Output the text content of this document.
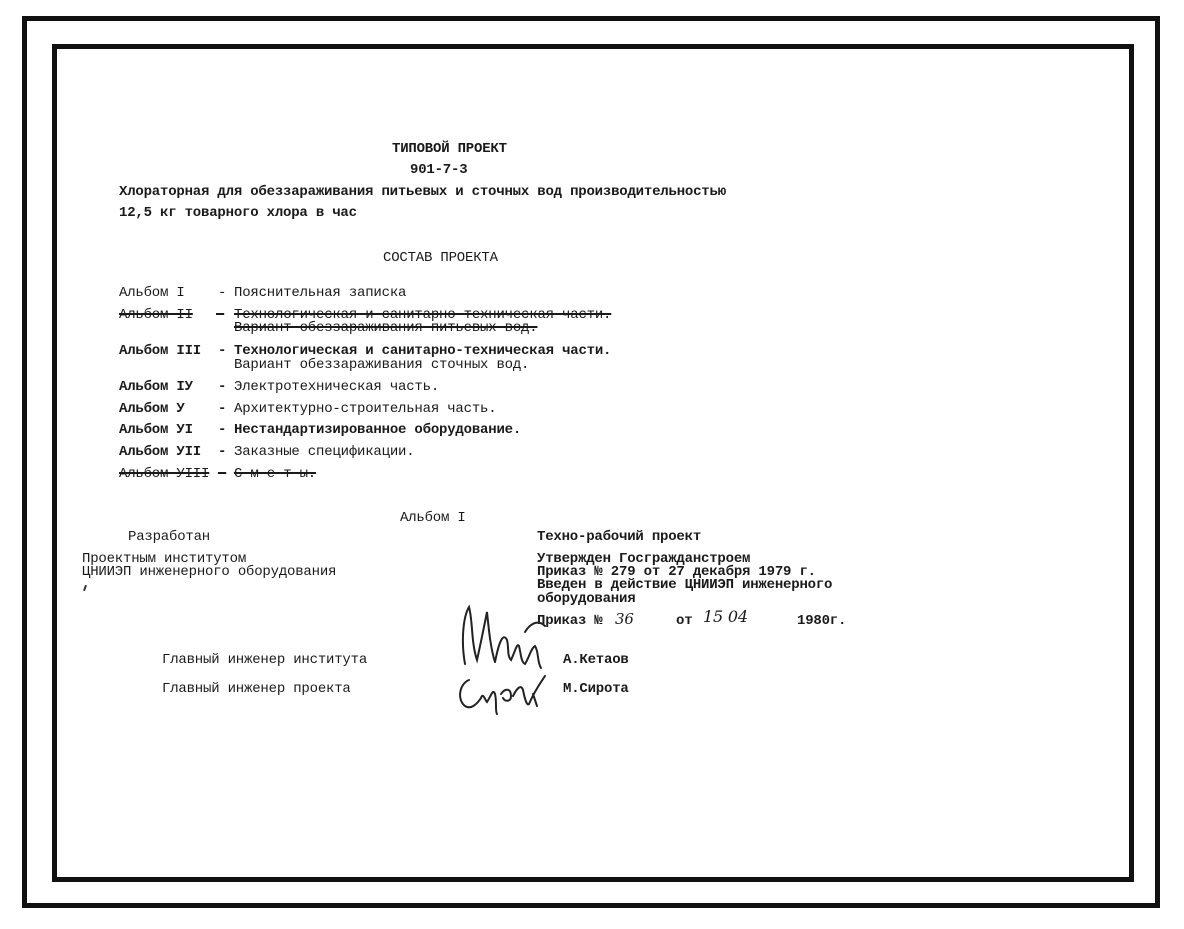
ТИПОВОЙ ПРОЕКТ
901-7-3
Хлораторная для обеззараживания питьевых и сточных вод производительностью
12,5 кг товарного хлора в час
СОСТАВ ПРОЕКТА
Альбом I - Пояснительная записка
Альбом II - Технологическая и санитарно-техническая части.
Вариант обеззараживания питьевых вод.
Альбом III - Технологическая и санитарно-техническая части.
Вариант обеззараживания сточных вод.
Альбом IУ - Электротехническая часть.
Альбом У - Архитектурно-строительная часть.
Альбом УI - Нестандартизированное оборудование.
Альбом УII - Заказные спецификации.
Альбом УIII - С м е т ы.
Альбом I
Разработан
Проектным институтом
ЦНИИЭП инженерного оборудования
Техно-рабочий проект
Утвержден Госгражданстроем
Приказ № 279 от 27 декабря 1979 г.
Введен в действие ЦНИИЭП инженерного
оборудования
Приказ № 36	от 15 04	1980г.
Главный инженер института	А.Кетаов
Главный инженер проекта	М.Сирота
